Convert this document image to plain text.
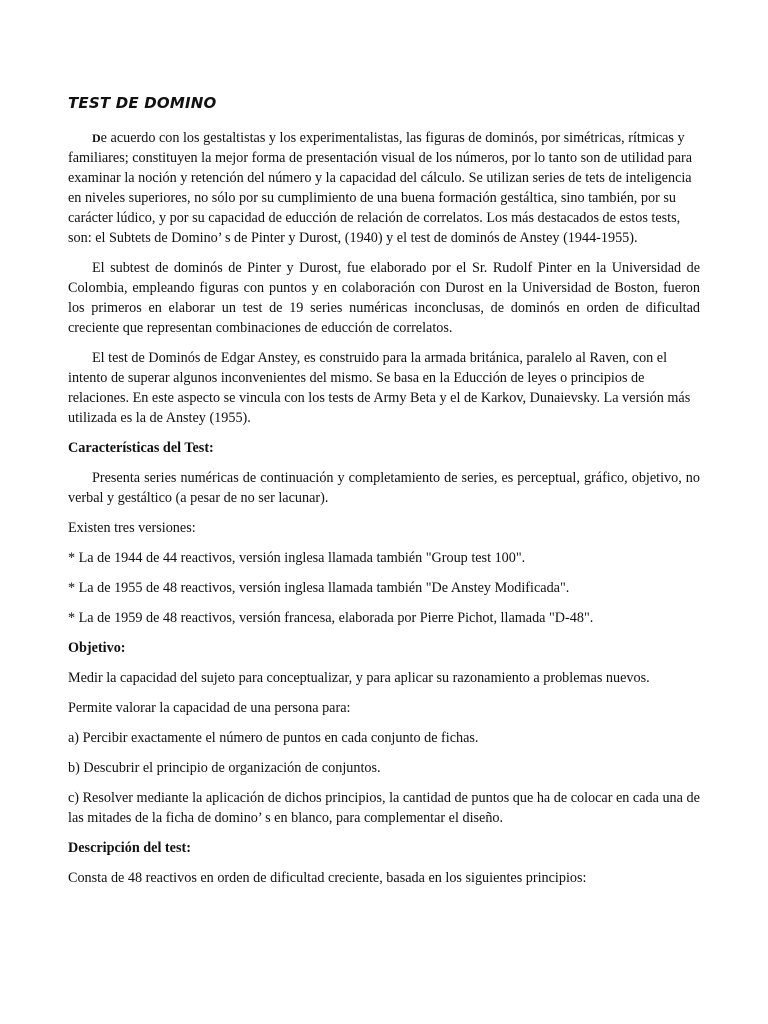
TEST DE DOMINO

De acuerdo con los gestaltistas y los experimentalistas, las figuras de dominós, por simétricas, rítmicas y familiares; constituyen la mejor forma de presentación visual de los números, por lo tanto son de utilidad para examinar la noción y retención del número y la capacidad del cálculo. Se utilizan series de tets de inteligencia en niveles superiores, no sólo por su cumplimiento de una buena formación gestáltica, sino también, por su carácter lúdico, y por su capacidad de educción de relación de correlatos. Los más destacados de estos tests, son: el Subtets de Domino’ s de Pinter y Durost, (1940) y el test de dominós de Anstey (1944-1955).

El subtest de dominós de Pinter y Durost, fue elaborado por el Sr. Rudolf Pinter en la Universidad de Colombia, empleando figuras con puntos y en colaboración con Durost en la Universidad de Boston, fueron los primeros en elaborar un test de 19 series numéricas inconclusas, de dominós en orden de dificultad creciente que representan combinaciones de educción de correlatos.

El test de Dominós de Edgar Anstey, es construido para la armada británica, paralelo al Raven, con el intento de superar algunos inconvenientes del mismo. Se basa en la Educción de leyes o principios de relaciones. En este aspecto se vincula con los tests de Army Beta y el de Karkov, Dunaievsky. La versión más utilizada es la de Anstey (1955).

Características del Test:

Presenta series numéricas de continuación y completamiento de series, es perceptual, gráfico, objetivo, no verbal y gestáltico (a pesar de no ser lacunar).

Existen tres versiones:

* La de 1944 de 44 reactivos, versión inglesa llamada también "Group test 100".

* La de 1955 de 48 reactivos, versión inglesa llamada también "De Anstey Modificada".

* La de 1959 de 48 reactivos, versión francesa, elaborada por Pierre Pichot, llamada "D-48".

Objetivo:

Medir la capacidad del sujeto para conceptualizar, y para aplicar su razonamiento a problemas nuevos.

Permite valorar la capacidad de una persona para:

a) Percibir exactamente el número de puntos en cada conjunto de fichas.

b) Descubrir el principio de organización de conjuntos.

c) Resolver mediante la aplicación de dichos principios, la cantidad de puntos que ha de colocar en cada una de las mitades de la ficha de domino’ s en blanco, para complementar el diseño.

Descripción del test:

Consta de 48 reactivos en orden de dificultad creciente, basada en los siguientes principios:
